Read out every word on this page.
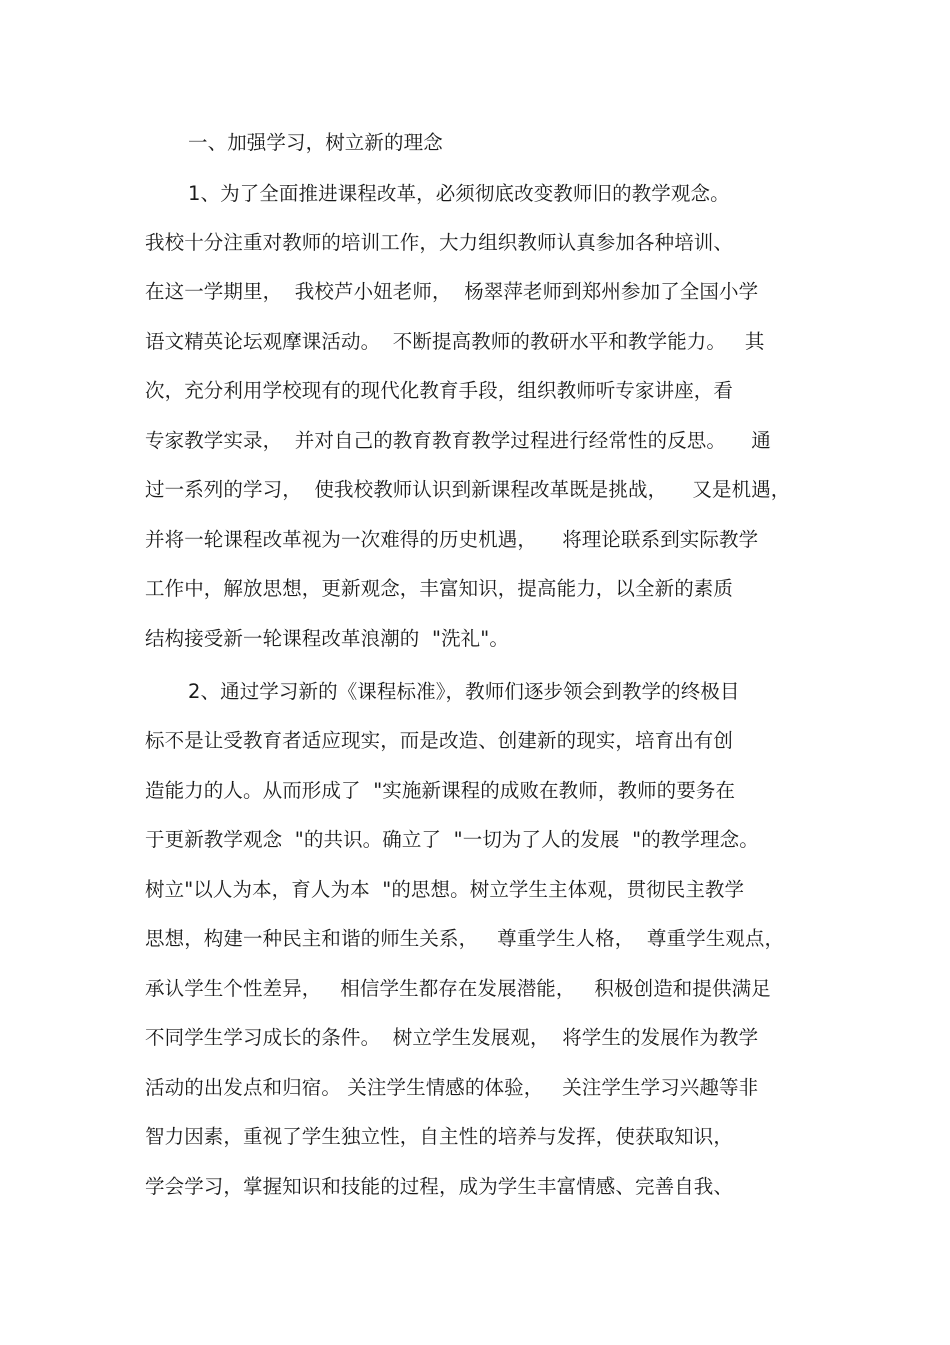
一、加强学习，树立新的理念

1、为了全面推进课程改革，必须彻底改变教师旧的教学观念。

我校十分注重对教师的培训工作，大力组织教师认真参加各种培训、

在这一学期里，  我校芦小妞老师，  杨翠萍老师到郑州参加了全国小学

语文精英论坛观摩课活动。  不断提高教师的教研水平和教学能力。   其

次，充分利用学校现有的现代化教育手段，组织教师听专家讲座，看

专家教学实录，  并对自己的教育教育教学过程进行经常性的反思。    通

过一系列的学习，  使我校教师认识到新课程改革既是挑战，    又是机遇，

并将一轮课程改革视为一次难得的历史机遇，    将理论联系到实际教学

工作中，解放思想，更新观念，丰富知识，提高能力，以全新的素质

结构接受新一轮课程改革浪潮的  "洗礼"。

2、通过学习新的《课程标准》，教师们逐步领会到教学的终极目

标不是让受教育者适应现实，而是改造、创建新的现实，培育出有创

造能力的人。从而形成了  "实施新课程的成败在教师，教师的要务在

于更新教学观念  "的共识。确立了  "一切为了人的发展  "的教学理念。

树立"以人为本，育人为本  "的思想。树立学生主体观，贯彻民主教学

思想，构建一种民主和谐的师生关系，   尊重学生人格，  尊重学生观点，

承认学生个性差异，   相信学生都存在发展潜能，   积极创造和提供满足

不同学生学习成长的条件。  树立学生发展观，  将学生的发展作为教学

活动的出发点和归宿。 关注学生情感的体验，   关注学生学习兴趣等非

智力因素，重视了学生独立性，自主性的培养与发挥，使获取知识，

学会学习，掌握知识和技能的过程，成为学生丰富情感、完善自我、
